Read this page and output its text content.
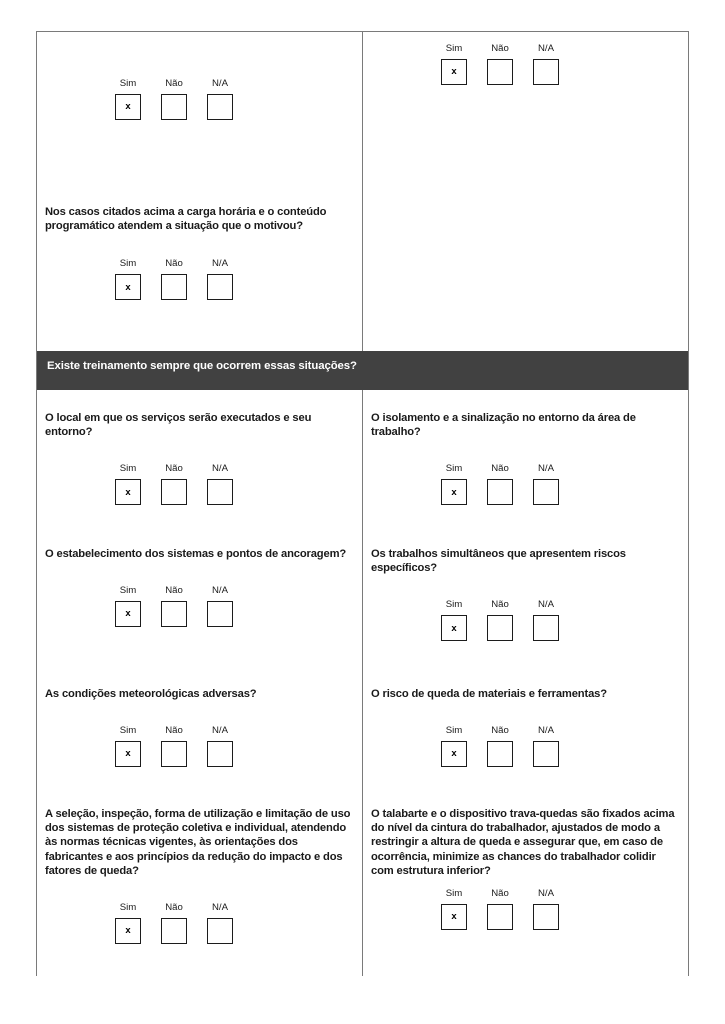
Sim	Não	N/A
x
Sim	Não	N/A
x

Nos casos citados acima a carga horária e o conteúdo programático atendem a situação que o motivou?

Sim	Não	N/A
x

Existe treinamento sempre que ocorrem essas situações?

O local em que os serviços serão executados e seu entorno?

Sim	Não	N/A
x

O isolamento e a sinalização no entorno da área de trabalho?

Sim	Não	N/A
x

O estabelecimento dos sistemas e pontos de ancoragem?

Sim	Não	N/A
x

Os trabalhos simultâneos que apresentem riscos específicos?

Sim	Não	N/A
x

As condições meteorológicas adversas?

Sim	Não	N/A
x

O risco de queda de materiais e ferramentas?

Sim	Não	N/A
x

A seleção, inspeção, forma de utilização e limitação de uso dos sistemas de proteção coletiva e individual, atendendo às normas técnicas vigentes, às orientações dos fabricantes e aos princípios da redução do impacto e dos fatores de queda?

Sim	Não	N/A
x

O talabarte e o dispositivo trava-quedas são fixados acima do nível da cintura do trabalhador, ajustados de modo a restringir a altura de queda e assegurar que, em caso de ocorrência, minimize as chances do trabalhador colidir com estrutura inferior?

Sim	Não	N/A
x
